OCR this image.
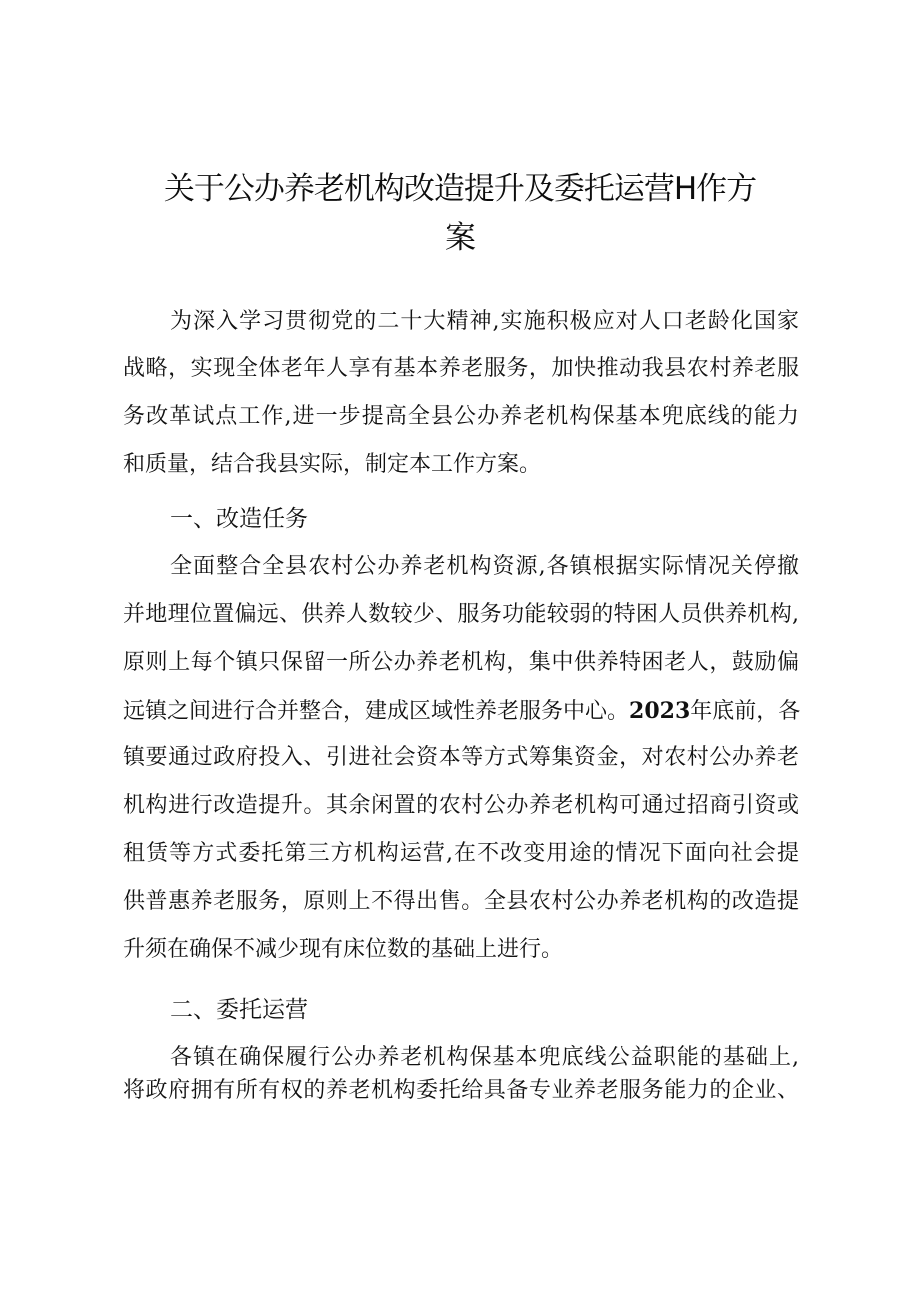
关于公办养老机构改造提升及委托运营H作方
案
为深入学习贯彻党的二十大精神,实施积极应对人口老龄化国家
战略，实现全体老年人享有基本养老服务，加快推动我县农村养老服
务改革试点工作,进一步提高全县公办养老机构保基本兜底线的能力
和质量，结合我县实际，制定本工作方案。
一、改造任务
全面整合全县农村公办养老机构资源,各镇根据实际情况关停撤
并地理位置偏远、供养人数较少、服务功能较弱的特困人员供养机构,
原则上每个镇只保留一所公办养老机构，集中供养特困老人，鼓励偏
远镇之间进行合并整合，建成区域性养老服务中心。2023年底前，各
镇要通过政府投入、引进社会资本等方式筹集资金，对农村公办养老
机构进行改造提升。其余闲置的农村公办养老机构可通过招商引资或
租赁等方式委托第三方机构运营,在不改变用途的情况下面向社会提
供普惠养老服务，原则上不得出售。全县农村公办养老机构的改造提
升须在确保不减少现有床位数的基础上进行。
二、委托运营
各镇在确保履行公办养老机构保基本兜底线公益职能的基础上,
将政府拥有所有权的养老机构委托给具备专业养老服务能力的企业、
